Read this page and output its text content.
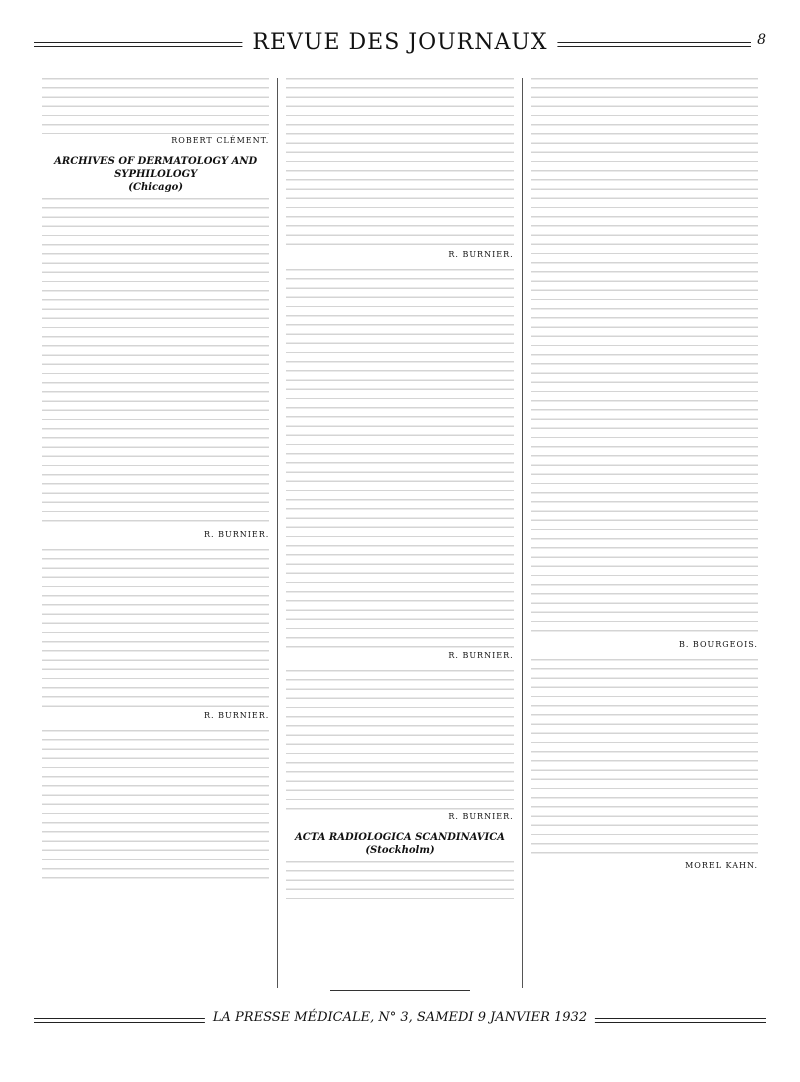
REVUE DES JOURNAUX	8
ROBERT CLÉMENT.
ARCHIVES OF DERMATOLOGY AND SYPHILOLOGY
(Chicago)
R. BURNIER.
R. BURNIER.
R. BURNIER.
R. BURNIER.
R. BURNIER.
ACTA RADIOLOGICA SCANDINAVICA
(Stockholm)
B. BOURGEOIS.
MOREL KAHN.
LA PRESSE MÉDICALE, N° 3, SAMEDI 9 JANVIER 1932
